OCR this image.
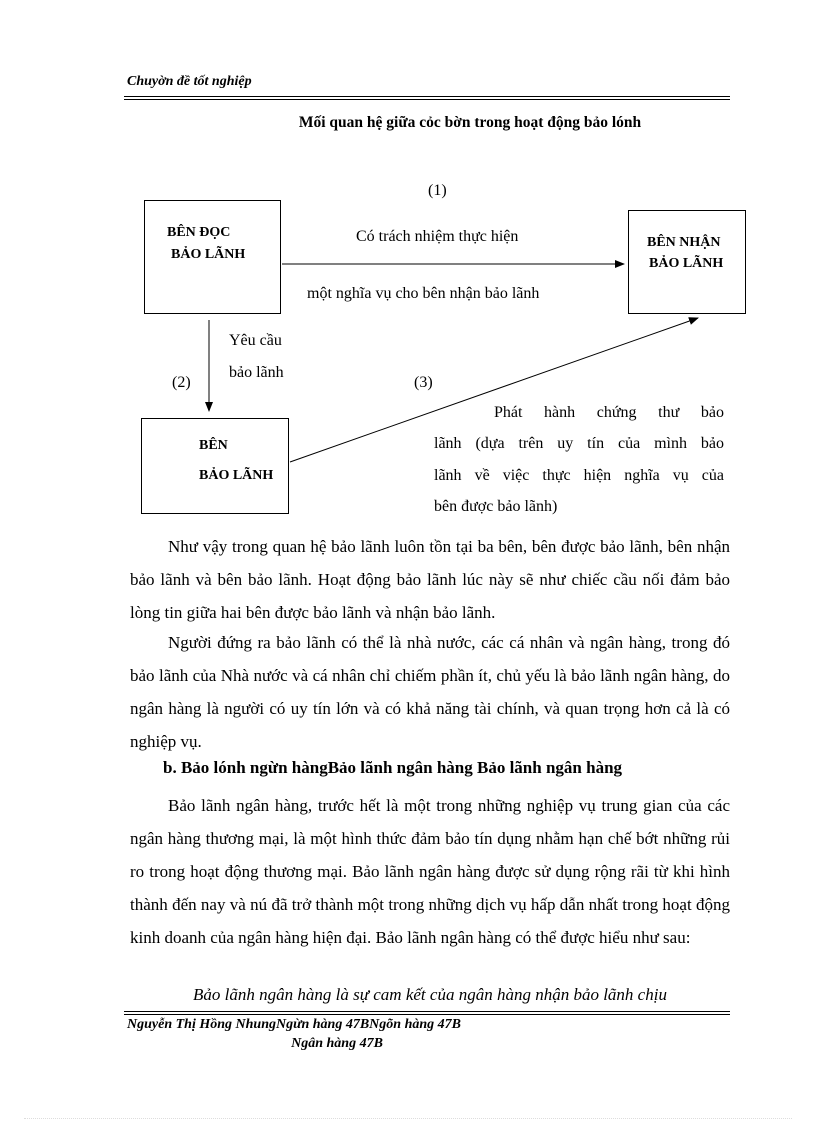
Chuyờn đề tốt nghiệp
Mối quan hệ giữa cỏc bờn trong hoạt động bảo lónh
BÊN ĐỌC
BẢO LÃNH
BÊN NHẬN
BẢO LÃNH
BÊN
BẢO LÃNH
(1)
Có trách nhiệm thực hiện
một nghĩa vụ cho bên nhận bảo lãnh
Yêu cầu
bảo lãnh
(2)	(3)
Phát hành chứng thư bảo
lãnh (dựa trên uy tín của mình bảo
lãnh về việc thực hiện nghĩa vụ của
bên được bảo lãnh)

Như vậy trong quan hệ bảo lãnh luôn tồn tại ba bên, bên được bảo lãnh, bên nhận bảo lãnh và bên bảo lãnh. Hoạt động bảo lãnh lúc này sẽ như chiếc cầu nối đảm bảo lòng tin giữa hai bên được bảo lãnh và nhận bảo lãnh.

Người đứng ra bảo lãnh có thể là nhà nước, các cá nhân và ngân hàng, trong đó bảo lãnh của Nhà nước và cá nhân chỉ chiếm phần ít, chủ yếu là bảo lãnh ngân hàng, do ngân hàng là người có uy tín lớn và có khả năng tài chính, và quan trọng hơn cả là có nghiệp vụ.

b. Bảo lónh ngừn hàngBảo lãnh ngân hàng Bảo lãnh ngân hàng

Bảo lãnh ngân hàng, trước hết là một trong những nghiệp vụ trung gian của các ngân hàng thương mại, là một hình thức đảm bảo tín dụng nhằm hạn chế bớt những rủi ro trong hoạt động thương mại. Bảo lãnh ngân hàng được sử dụng rộng rãi từ khi hình thành đến nay và nú đã trở thành một trong những dịch vụ hấp dẫn nhất trong hoạt động kinh doanh của ngân hàng hiện đại. Bảo lãnh ngân hàng có thể được hiểu như sau:

Bảo lãnh ngân hàng là sự cam kết của ngân hàng nhận bảo lãnh chịu
Nguyễn Thị Hồng NhungNgừn hàng 47BNgõn hàng 47B
Ngân hàng 47B
